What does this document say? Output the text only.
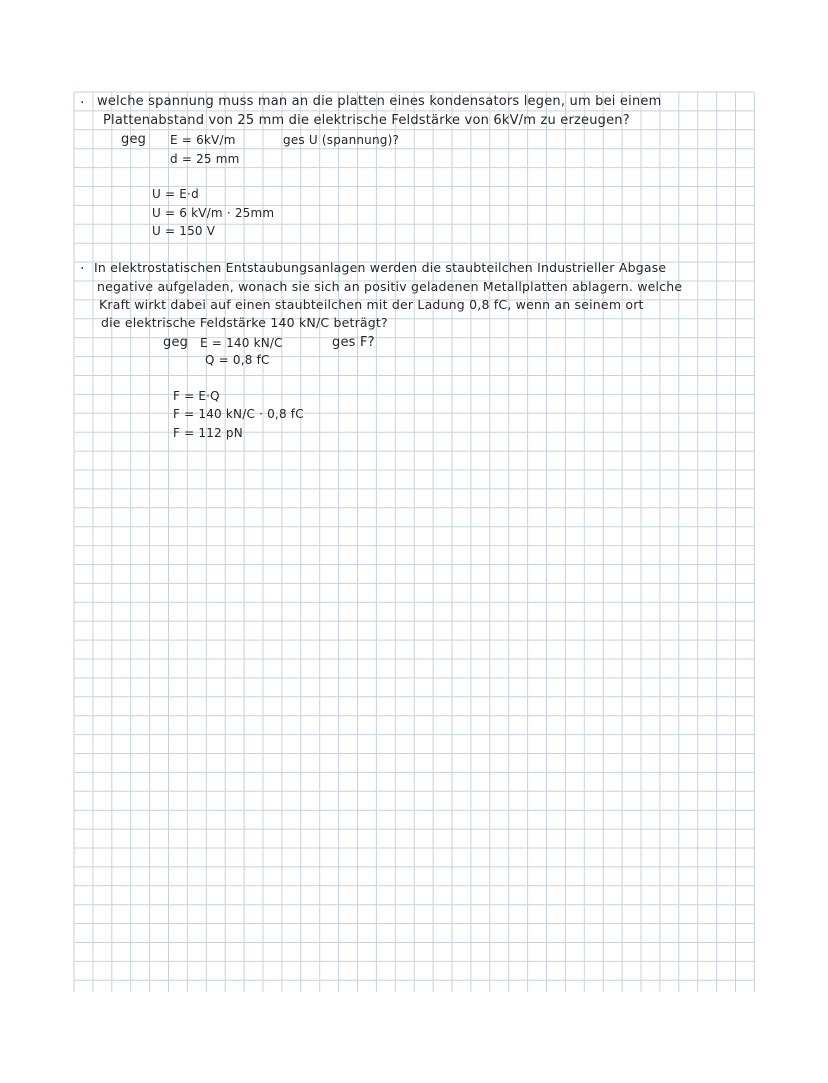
· welche spannung muss man an die platten eines kondensators legen, um bei einem
Plattenabstand von 25 mm die elektrische Feldstärke von 6kV/m zu erzeugen?
geg E = 6kV/m	ges U (spannung)?
d = 25 mm
U = E·d
U = 6 kV/m · 25mm
U = 150 V
· In elektrostatischen Entstaubungsanlagen werden die staubteilchen Industrieller Abgase
negative aufgeladen, wonach sie sich an positiv geladenen Metallplatten ablagern. welche
Kraft wirkt dabei auf einen staubteilchen mit der Ladung 0,8 fC, wenn an seinem ort
die elektrische Feldstärke 140 kN/C beträgt?
geg E = 140 kN/C	ges F?
Q = 0,8 fC
F = E·Q
F = 140 kN/C · 0,8 fC
F = 112 pN
